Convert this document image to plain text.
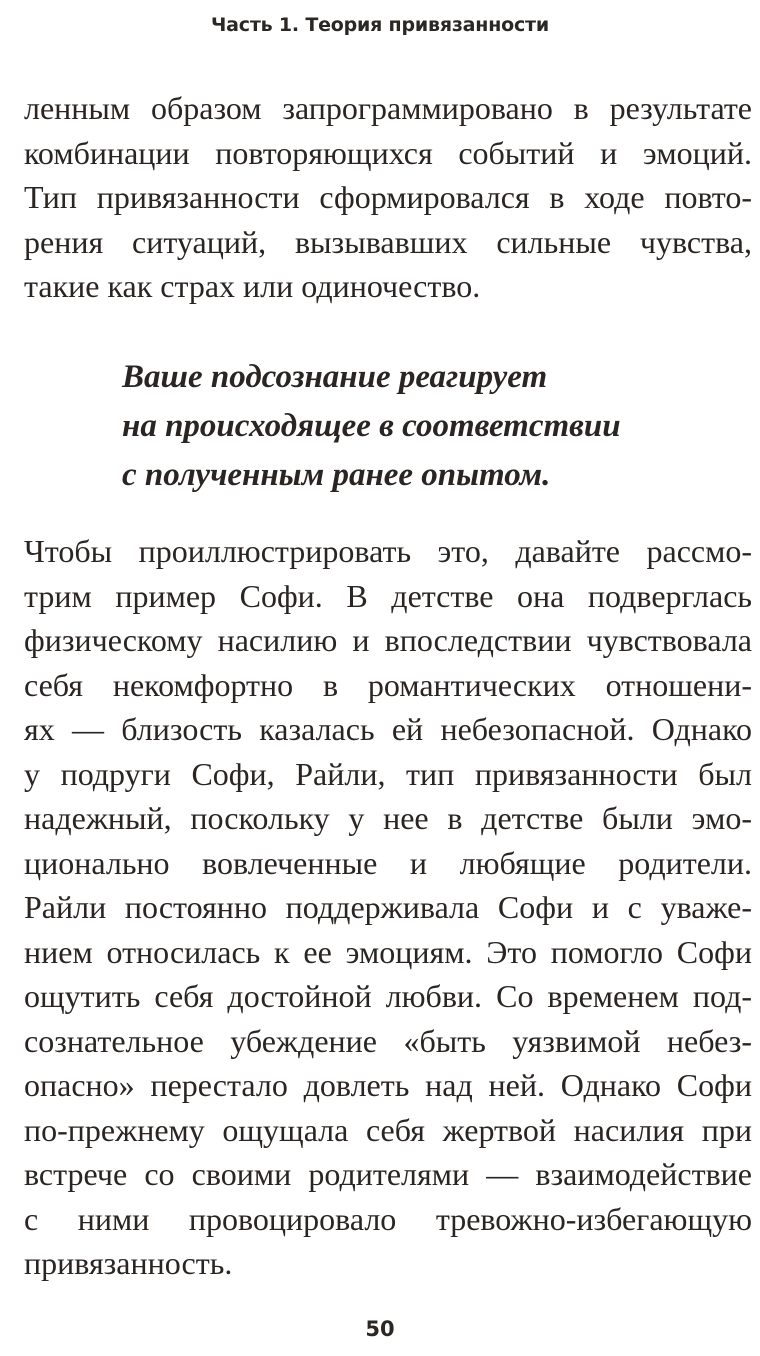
Часть 1. Теория привязанности
ленным образом запрограммировано в результате
комбинации повторяющихся событий и эмоций.
Тип привязанности сформировался в ходе повто-
рения ситуаций, вызывавших сильные чувства,
такие как страх или одиночество.
Ваше подсознание реагирует
на происходящее в соответствии
с полученным ранее опытом.
Чтобы проиллюстрировать это, давайте рассмо-
трим пример Софи. В детстве она подверглась
физическому насилию и впоследствии чувствовала
себя некомфортно в романтических отношени-
ях — близость казалась ей небезопасной. Однако
у подруги Софи, Райли, тип привязанности был
надежный, поскольку у нее в детстве были эмо-
ционально вовлеченные и любящие родители.
Райли постоянно поддерживала Софи и с уваже-
нием относилась к ее эмоциям. Это помогло Софи
ощутить себя достойной любви. Со временем под-
сознательное убеждение «быть уязвимой небез-
опасно» перестало довлеть над ней. Однако Софи
по-прежнему ощущала себя жертвой насилия при
встрече со своими родителями — взаимодействие
с ними провоцировало тревожно-избегающую
привязанность.
50
